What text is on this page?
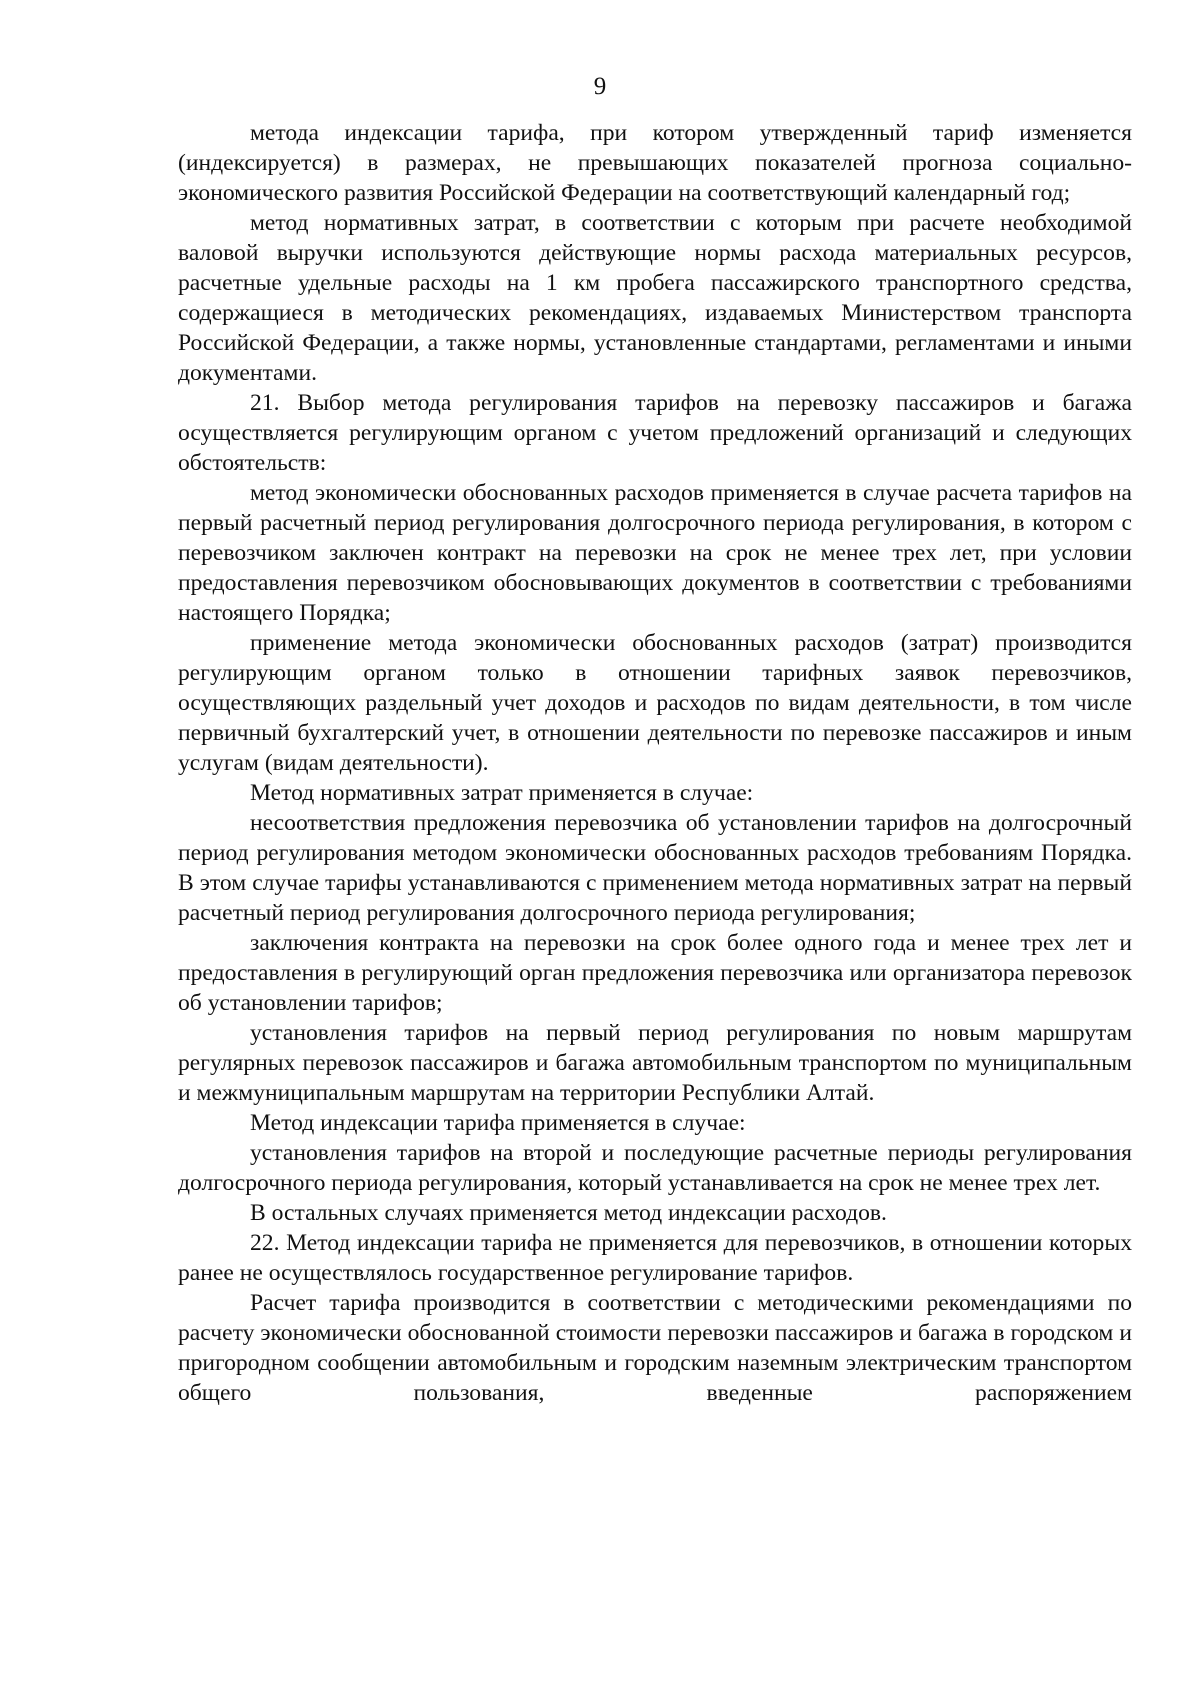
9

метода индексации тарифа, при котором утвержденный тариф изменяется (индексируется) в размерах, не превышающих показателей прогноза социально-экономического развития Российской Федерации на соответствующий календарный год;

метод нормативных затрат, в соответствии с которым при расчете необходимой валовой выручки используются действующие нормы расхода материальных ресурсов, расчетные удельные расходы на 1 км пробега пассажирского транспортного средства, содержащиеся в методических рекомендациях, издаваемых Министерством транспорта Российской Федерации, а также нормы, установленные стандартами, регламентами и иными документами.

21. Выбор метода регулирования тарифов на перевозку пассажиров и багажа осуществляется регулирующим органом с учетом предложений организаций и следующих обстоятельств:

метод экономически обоснованных расходов применяется в случае расчета тарифов на первый расчетный период регулирования долгосрочного периода регулирования, в котором с перевозчиком заключен контракт на перевозки на срок не менее трех лет, при условии предоставления перевозчиком обосновывающих документов в соответствии с требованиями настоящего Порядка;

применение метода экономически обоснованных расходов (затрат) производится регулирующим органом только в отношении тарифных заявок перевозчиков, осуществляющих раздельный учет доходов и расходов по видам деятельности, в том числе первичный бухгалтерский учет, в отношении деятельности по перевозке пассажиров и иным услугам (видам деятельности).

Метод нормативных затрат применяется в случае:

несоответствия предложения перевозчика об установлении тарифов на долгосрочный период регулирования методом экономически обоснованных расходов требованиям Порядка. В этом случае тарифы устанавливаются с применением метода нормативных затрат на первый расчетный период регулирования долгосрочного периода регулирования;

заключения контракта на перевозки на срок более одного года и менее трех лет и предоставления в регулирующий орган предложения перевозчика или организатора перевозок об установлении тарифов;

установления тарифов на первый период регулирования по новым маршрутам регулярных перевозок пассажиров и багажа автомобильным транспортом по муниципальным и межмуниципальным маршрутам на территории Республики Алтай.

Метод индексации тарифа применяется в случае:

установления тарифов на второй и последующие расчетные периоды регулирования долгосрочного периода регулирования, который устанавливается на срок не менее трех лет.

В остальных случаях применяется метод индексации расходов.

22. Метод индексации тарифа не применяется для перевозчиков, в отношении которых ранее не осуществлялось государственное регулирование тарифов.

Расчет тарифа производится в соответствии с методическими рекомендациями по расчету экономически обоснованной стоимости перевозки пассажиров и багажа в городском и пригородном сообщении автомобильным и городским наземным электрическим транспортом общего пользования, введенные распоряжением
